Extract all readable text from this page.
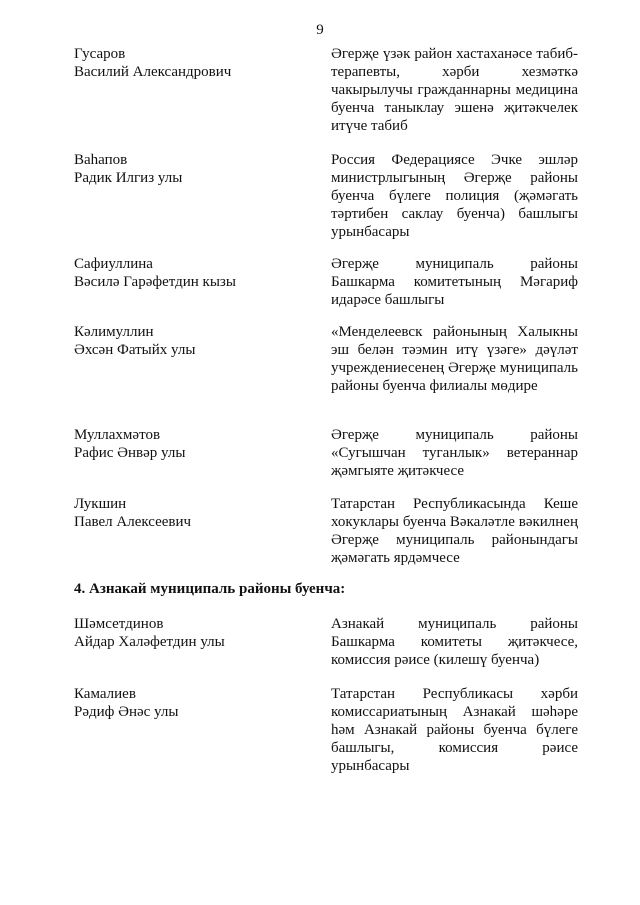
9
Гусаров
Василий Александрович
Әгерҗе үзәк район хастаханәсе табиб-терапевты, хәрби хезмәткә чакырылучы гражданнарны медицина буенча таныклау эшенә җитәкчелек итүче табиб
Ваһапов
Радик Илгиз улы
Россия Федерациясе Эчке эшләр министрлыгының Әгерҗе районы буенча бүлеге полиция (җәмәгать тәртибен саклау буенча) башлыгы урынбасары
Сафиуллина
Вәсилә Гарәфетдин кызы
Әгерҗе муниципаль районы Башкарма комитетының Мәгариф идарәсе башлыгы
Кәлимуллин
Әхсән Фатыйх улы
«Менделеевск районының Халыкны эш белән тәэмин итү үзәге» дәүләт учреждениесенең Әгерҗе муниципаль районы буенча филиалы мөдире
Муллахмәтов
Рафис Әнвәр улы
Әгерҗе муниципаль районы «Сугышчан туганлык» ветераннар җәмгыяте җитәкчесе
Лукшин
Павел Алексеевич
Татарстан Республикасында Кеше хокуклары буенча Вәкаләтле вәкилнең Әгерҗе муниципаль районындагы җәмәгать ярдәмчесе
4. Азнакай муниципаль районы буенча:
Шәмсетдинов
Айдар Халәфетдин улы
Азнакай муниципаль районы Башкарма комитеты җитәкчесе, комиссия рәисе (килешү буенча)
Камалиев
Рәдиф Әнәс улы
Татарстан Республикасы хәрби комиссариатының Азнакай шәһәре һәм Азнакай районы буенча бүлеге башлыгы, комиссия рәисе урынбасары
